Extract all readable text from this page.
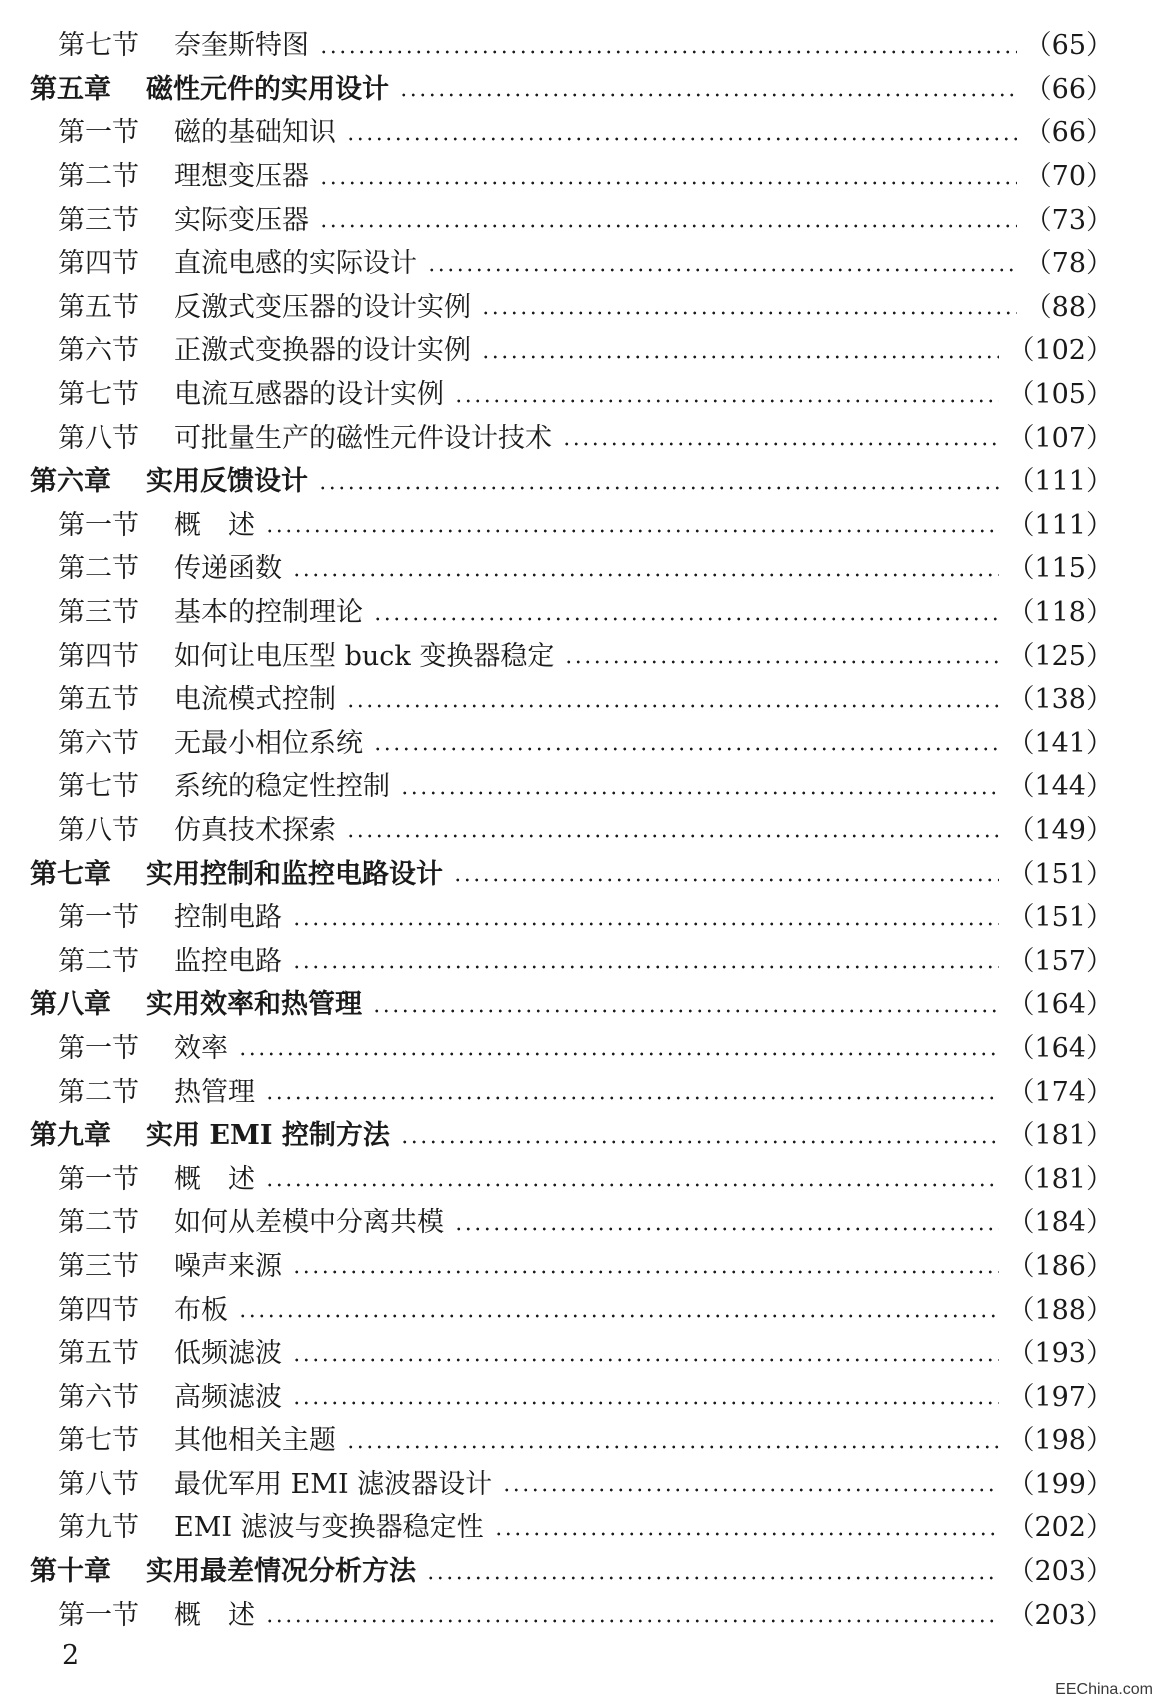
第七节	奈奎斯特图	（65）
第五章	磁性元件的实用设计	（66）
第一节	磁的基础知识	（66）
第二节	理想变压器	（70）
第三节	实际变压器	（73）
第四节	直流电感的实际设计	（78）
第五节	反激式变压器的设计实例	（88）
第六节	正激式变换器的设计实例	（102）
第七节	电流互感器的设计实例	（105）
第八节	可批量生产的磁性元件设计技术	（107）
第六章	实用反馈设计	（111）
第一节	概　述	（111）
第二节	传递函数	（115）
第三节	基本的控制理论	（118）
第四节	如何让电压型 buck 变换器稳定	（125）
第五节	电流模式控制	（138）
第六节	无最小相位系统	（141）
第七节	系统的稳定性控制	（144）
第八节	仿真技术探索	（149）
第七章	实用控制和监控电路设计	（151）
第一节	控制电路	（151）
第二节	监控电路	（157）
第八章	实用效率和热管理	（164）
第一节	效率	（164）
第二节	热管理	（174）
第九章	实用 EMI 控制方法	（181）
第一节	概　述	（181）
第二节	如何从差模中分离共模	（184）
第三节	噪声来源	（186）
第四节	布板	（188）
第五节	低频滤波	（193）
第六节	高频滤波	（197）
第七节	其他相关主题	（198）
第八节	最优军用 EMI 滤波器设计	（199）
第九节	EMI 滤波与变换器稳定性	（202）
第十章	实用最差情况分析方法	（203）
第一节	概　述	（203）
2
EEChina.com
